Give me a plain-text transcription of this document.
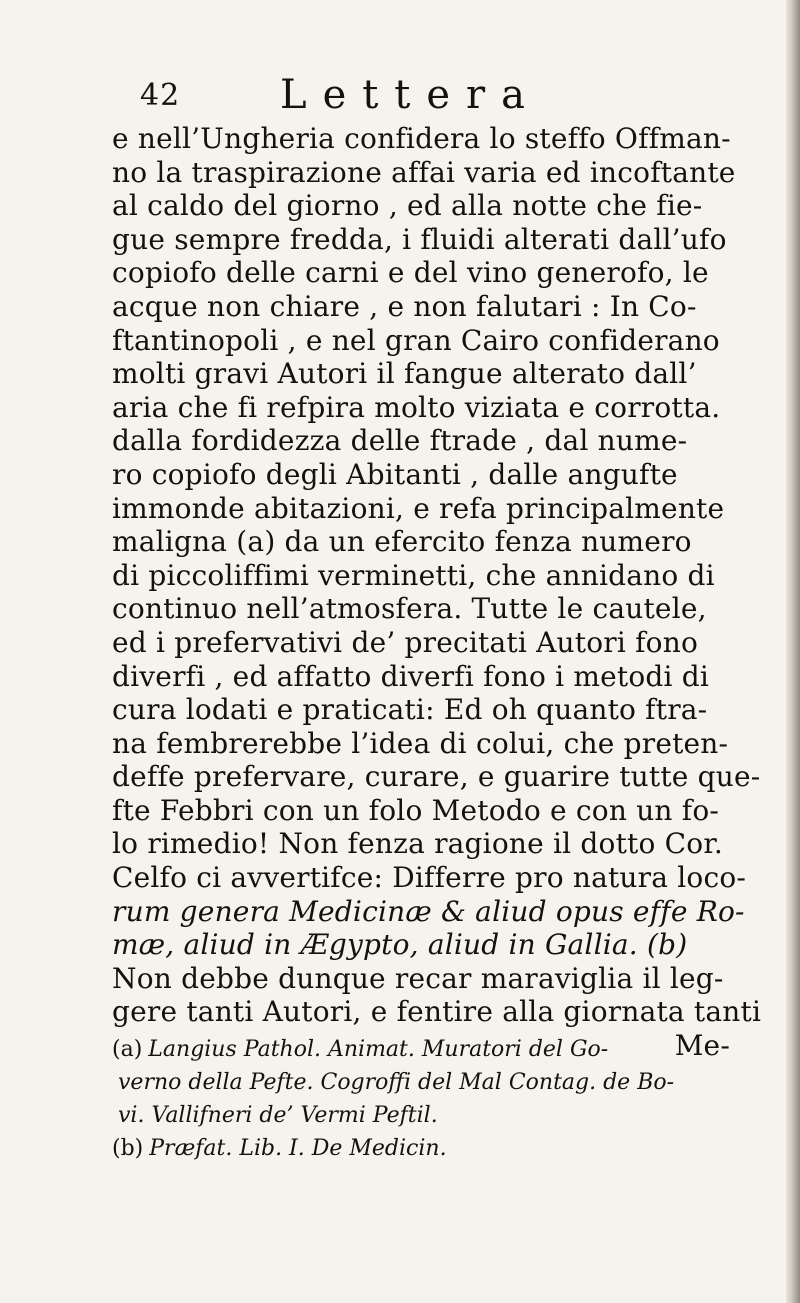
42 Lettera
e nell’Ungheria confidera lo steffo Offman-
no la traspirazione affai varia ed incoftante
al caldo del giorno , ed alla notte che fie-
gue sempre fredda, i fluidi alterati dall’ufo
copiofo delle carni e del vino generofo, le
acque non chiare , e non falutari : In Co-
ftantinopoli , e nel gran Cairo confiderano
molti gravi Autori il fangue alterato dall’
aria che fi refpira molto viziata e corrotta.
dalla fordidezza delle ftrade , dal nume-
ro copiofo degli Abitanti , dalle angufte
immonde abitazioni, e refa principalmente
maligna (a) da un efercito fenza numero
di piccoliffimi verminetti, che annidano di
continuo nell’atmosfera. Tutte le cautele,
ed i prefervativi de’ precitati Autori fono
diverfi , ed affatto diverfi fono i metodi di
cura lodati e praticati: Ed oh quanto ftra-
na fembrerebbe l’idea di colui, che preten-
deffe prefervare, curare, e guarire tutte que-
fte Febbri con un folo Metodo e con un fo-
lo rimedio! Non fenza ragione il dotto Cor.
Celfo ci avvertifce: Differre pro natura loco-
rum genera Medicinæ & aliud opus effe Ro-
mæ, aliud in Ægypto, aliud in Gallia. (b)
Non debbe dunque recar maraviglia il leg-
gere tanti Autori, e fentire alla giornata tanti
Me-
(a) Langius Pathol. Animat. Muratori del Go-
verno della Pefte. Cogroffi del Mal Contag. de Bo-
vi. Vallifneri de’ Vermi Peftil.
(b) Præfat. Lib. I. De Medicin.
